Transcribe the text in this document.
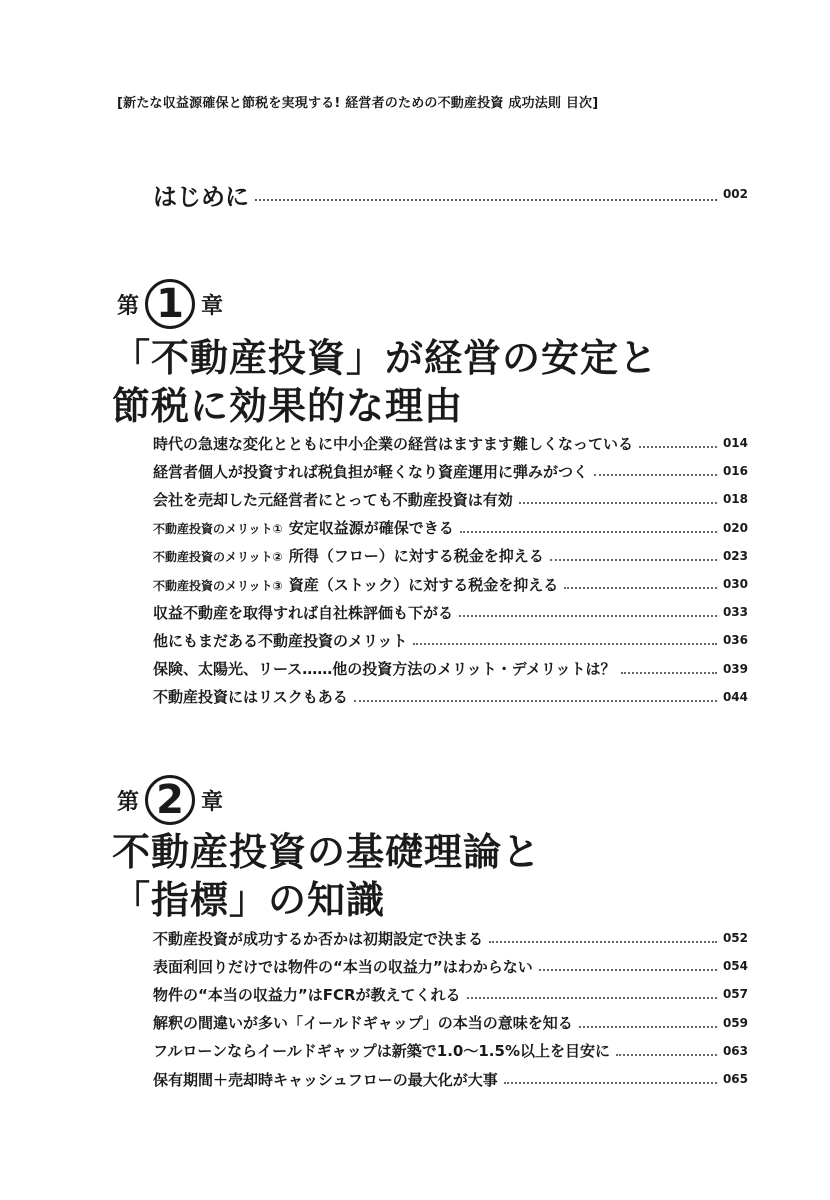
[新たな収益源確保と節税を実現する! 経営者のための不動産投資 成功法則 目次]
はじめに	002
第 1 章
「不動産投資」が経営の安定と
節税に効果的な理由
時代の急速な変化とともに中小企業の経営はますます難しくなっている	014
経営者個人が投資すれば税負担が軽くなり資産運用に弾みがつく	016
会社を売却した元経営者にとっても不動産投資は有効	018
不動産投資のメリット① 安定収益源が確保できる	020
不動産投資のメリット② 所得（フロー）に対する税金を抑える	023
不動産投資のメリット③ 資産（ストック）に対する税金を抑える	030
収益不動産を取得すれば自社株評価も下がる	033
他にもまだある不動産投資のメリット	036
保険、太陽光、リース……他の投資方法のメリット・デメリットは？	039
不動産投資にはリスクもある	044
第 2 章
不動産投資の基礎理論と
「指標」の知識
不動産投資が成功するか否かは初期設定で決まる	052
表面利回りだけでは物件の“本当の収益力”はわからない	054
物件の“本当の収益力”はFCRが教えてくれる	057
解釈の間違いが多い「イールドギャップ」の本当の意味を知る	059
フルローンならイールドギャップは新築で1.0～1.5%以上を目安に	063
保有期間＋売却時キャッシュフローの最大化が大事	065
